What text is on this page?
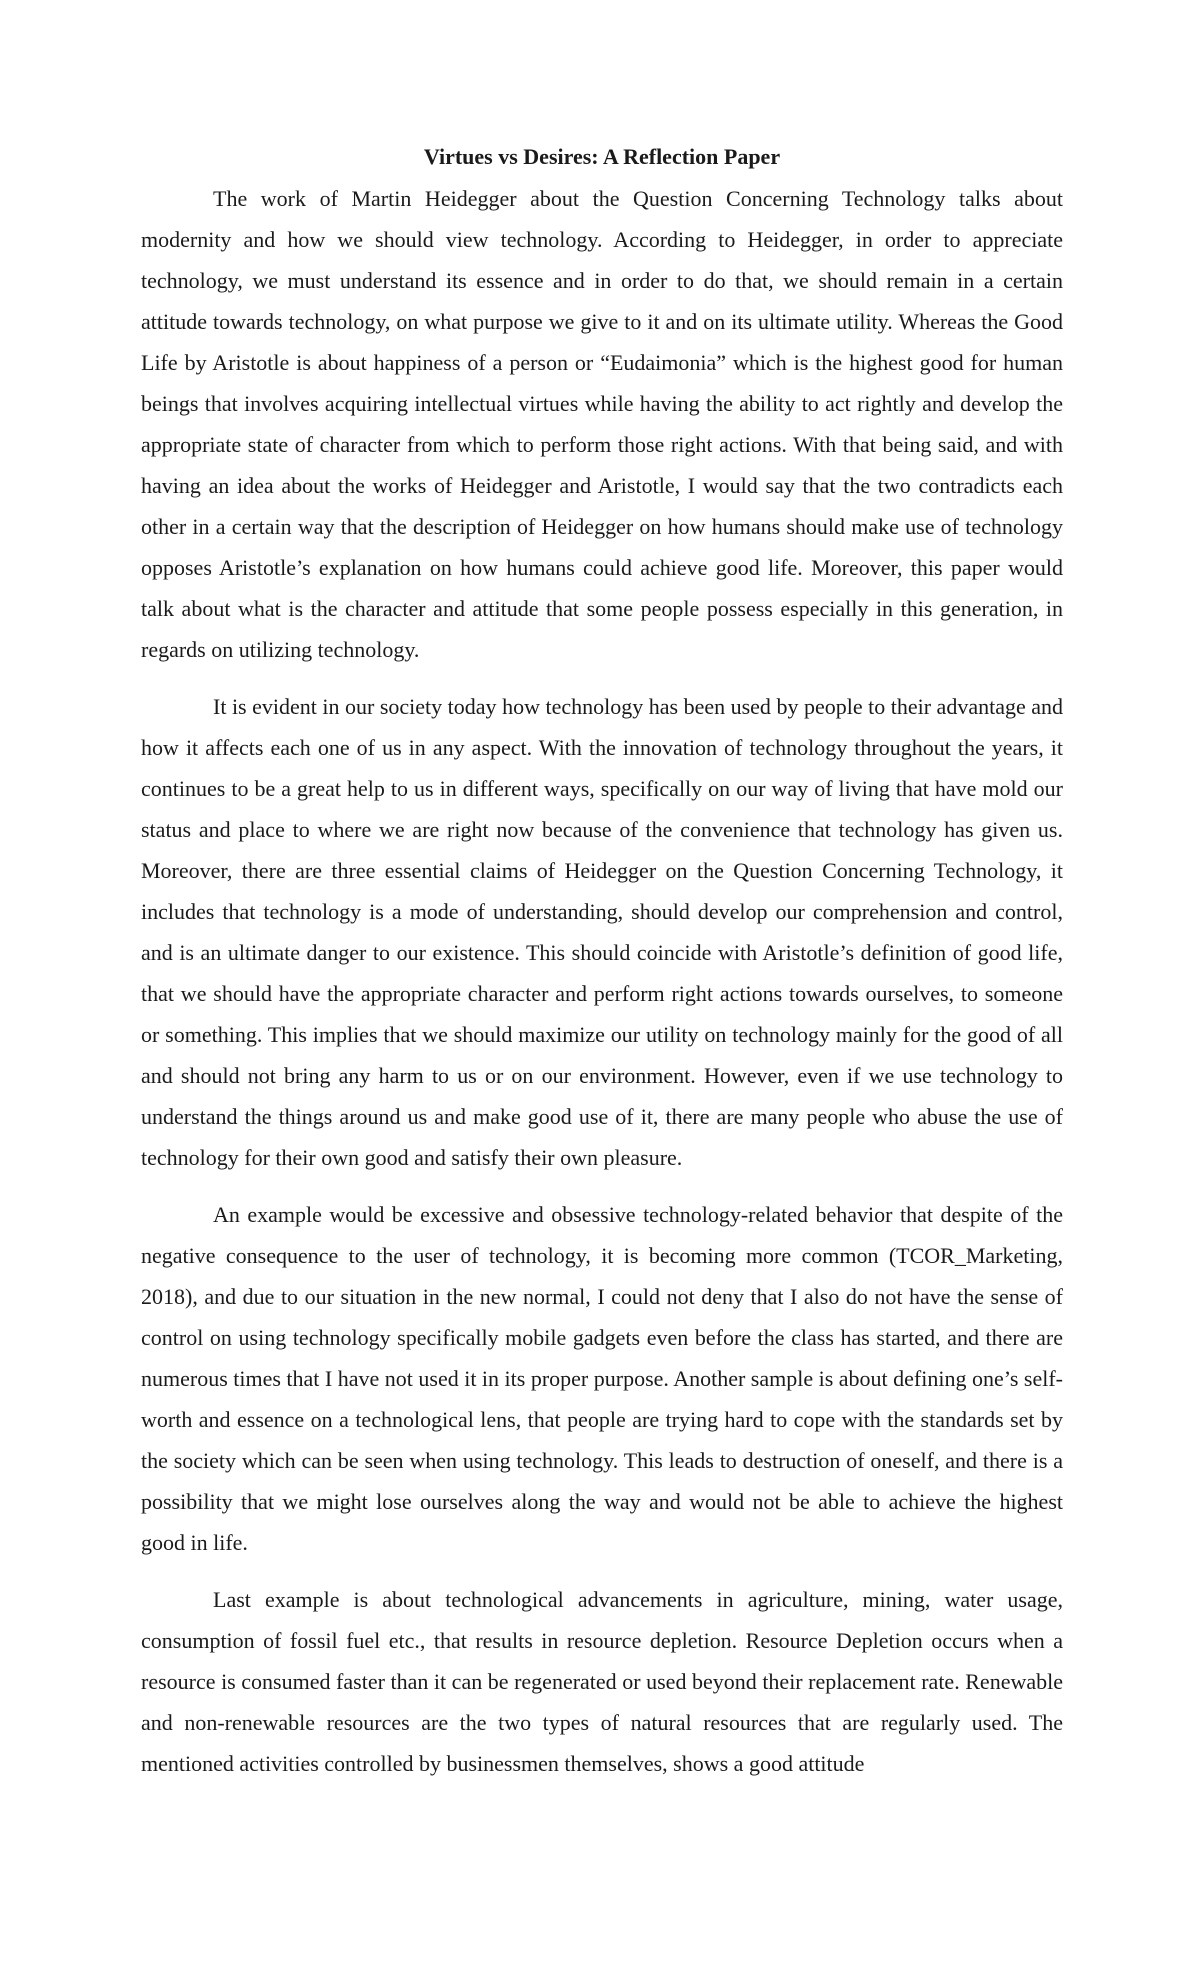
Virtues vs Desires: A Reflection Paper

The work of Martin Heidegger about the Question Concerning Technology talks about modernity and how we should view technology. According to Heidegger, in order to appreciate technology, we must understand its essence and in order to do that, we should remain in a certain attitude towards technology, on what purpose we give to it and on its ultimate utility. Whereas the Good Life by Aristotle is about happiness of a person or “Eudaimonia” which is the highest good for human beings that involves acquiring intellectual virtues while having the ability to act rightly and develop the appropriate state of character from which to perform those right actions. With that being said, and with having an idea about the works of Heidegger and Aristotle, I would say that the two contradicts each other in a certain way that the description of Heidegger on how humans should make use of technology opposes Aristotle’s explanation on how humans could achieve good life. Moreover, this paper would talk about what is the character and attitude that some people possess especially in this generation, in regards on utilizing technology.

It is evident in our society today how technology has been used by people to their advantage and how it affects each one of us in any aspect. With the innovation of technology throughout the years, it continues to be a great help to us in different ways, specifically on our way of living that have mold our status and place to where we are right now because of the convenience that technology has given us. Moreover, there are three essential claims of Heidegger on the Question Concerning Technology, it includes that technology is a mode of understanding, should develop our comprehension and control, and is an ultimate danger to our existence. This should coincide with Aristotle’s definition of good life, that we should have the appropriate character and perform right actions towards ourselves, to someone or something. This implies that we should maximize our utility on technology mainly for the good of all and should not bring any harm to us or on our environment. However, even if we use technology to understand the things around us and make good use of it, there are many people who abuse the use of technology for their own good and satisfy their own pleasure.

An example would be excessive and obsessive technology-related behavior that despite of the negative consequence to the user of technology, it is becoming more common (TCOR_Marketing, 2018), and due to our situation in the new normal, I could not deny that I also do not have the sense of control on using technology specifically mobile gadgets even before the class has started, and there are numerous times that I have not used it in its proper purpose. Another sample is about defining one’s self-worth and essence on a technological lens, that people are trying hard to cope with the standards set by the society which can be seen when using technology. This leads to destruction of oneself, and there is a possibility that we might lose ourselves along the way and would not be able to achieve the highest good in life.

Last example is about technological advancements in agriculture, mining, water usage, consumption of fossil fuel etc., that results in resource depletion. Resource Depletion occurs when a resource is consumed faster than it can be regenerated or used beyond their replacement rate. Renewable and non-renewable resources are the two types of natural resources that are regularly used. The mentioned activities controlled by businessmen themselves, shows a good attitude
